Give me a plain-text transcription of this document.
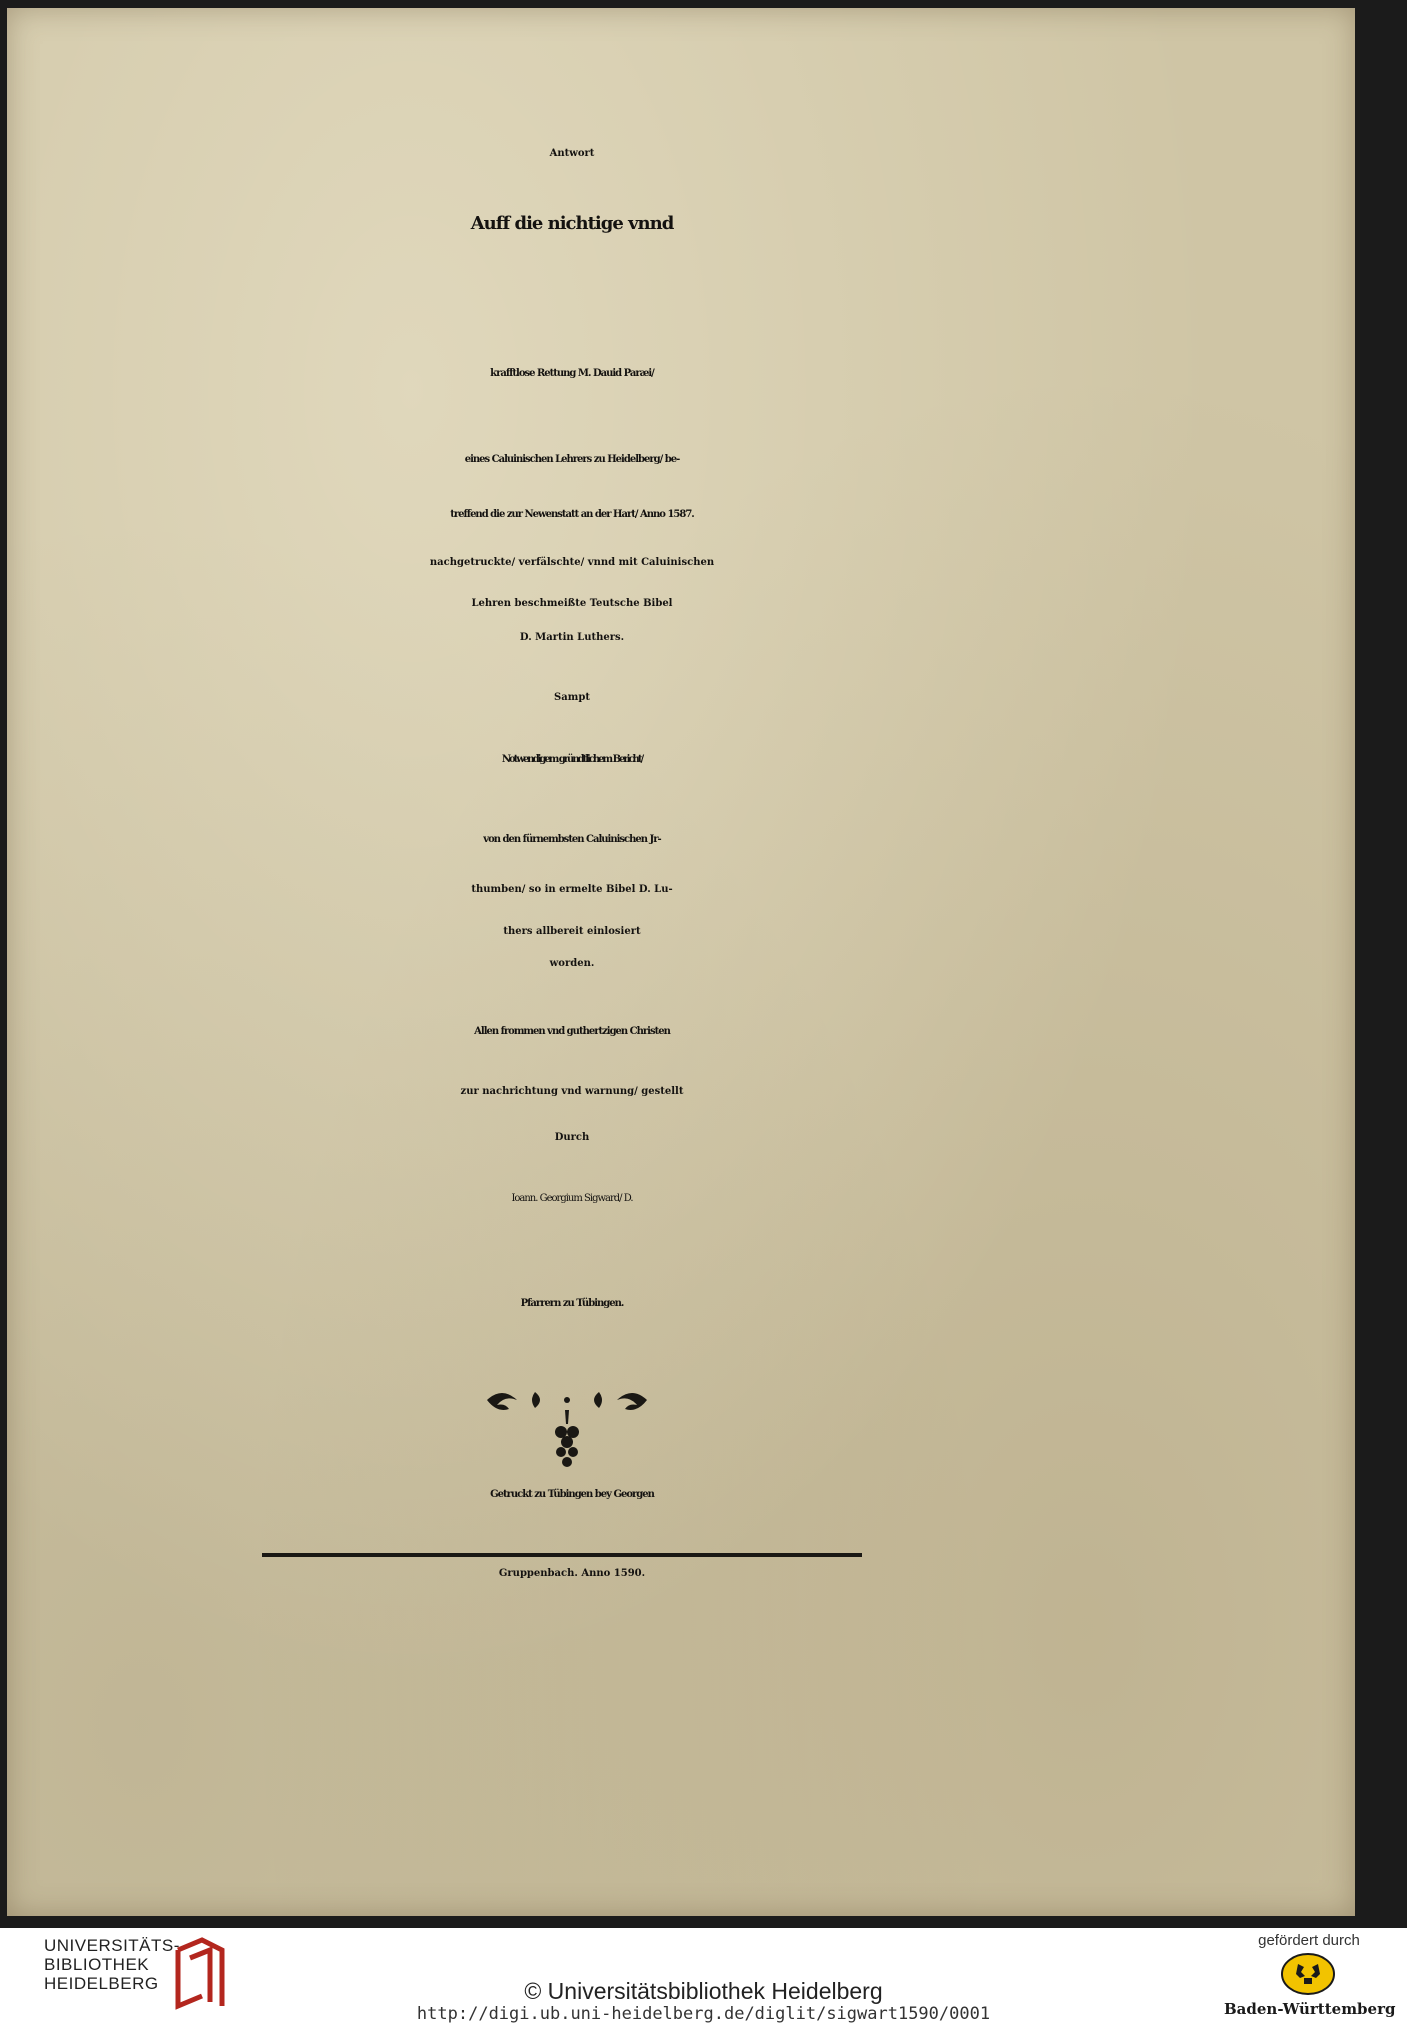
Antwort
Auff die nichtige vnnd
krafftlose Rettung M. Dauid Paræi/
eines Caluinischen Lehrers zu Heidelberg/ be-
treffend die zur Newenstatt an der Hart/ Anno 1587.
nachgetruckte/ verfälschte/ vnnd mit Caluinischen
Lehren beschmeißte Teutsche Bibel
D. Martin Luthers.
Sampt
Notwendigem gründtlichem Bericht/
von den fürnembsten Caluinischen Jr-
thumben/ so in ermelte Bibel D. Lu-
thers allbereit einlosiert
worden.
Allen frommen vnd guthertzigen Christen
zur nachrichtung vnd warnung/ gestellt
Durch
Ioann. Georgium Sigward/ D.
Pfarrern zu Tübingen.
Getruckt zu Tübingen bey Georgen
Gruppenbach. Anno 1590.
UNIVERSITÄTS-
BIBLIOTHEK
HEIDELBERG	© Universitätsbibliothek Heidelberg
http://digi.ub.uni-heidelberg.de/diglit/sigwart1590/0001
gefördert durch
Baden-Württemberg
